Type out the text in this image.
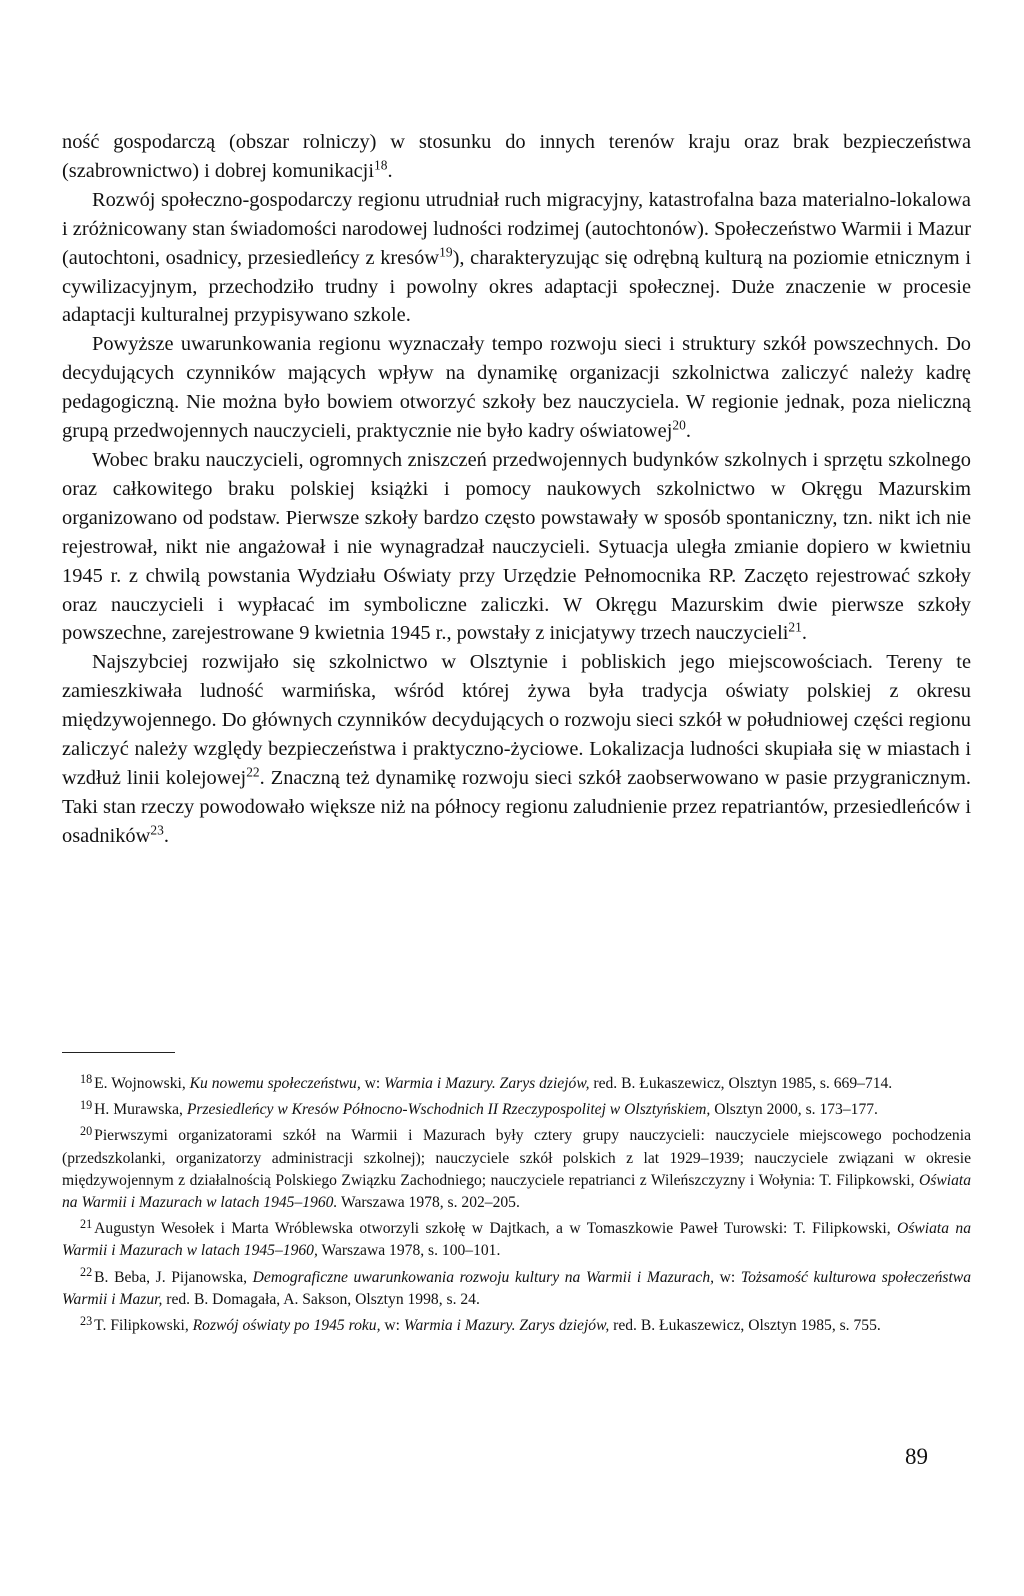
ność gospodarczą (obszar rolniczy) w stosunku do innych terenów kraju oraz brak bezpieczeństwa (szabrownictwo) i dobrej komunikacji$^{18}$.

Rozwój społeczno-gospodarczy regionu utrudniał ruch migracyjny, katastrofalna baza materialno-lokalowa i zróżnicowany stan świadomości narodowej ludności rodzimej (autochtonów). Społeczeństwo Warmii i Mazur (autochtoni, osadnicy, przesiedleńcy z kresów$^{19}$), charakteryzując się odrębną kulturą na poziomie etnicznym i cywilizacyjnym, przechodziło trudny i powolny okres adaptacji społecznej. Duże znaczenie w procesie adaptacji kulturalnej przypisywano szkole.

Powyższe uwarunkowania regionu wyznaczały tempo rozwoju sieci i struktury szkół powszechnych. Do decydujących czynników mających wpływ na dynamikę organizacji szkolnictwa zaliczyć należy kadrę pedagogiczną. Nie można było bowiem otworzyć szkoły bez nauczyciela. W regionie jednak, poza nieliczną grupą przedwojennych nauczycieli, praktycznie nie było kadry oświatowej$^{20}$.

Wobec braku nauczycieli, ogromnych zniszczeń przedwojennych budynków szkolnych i sprzętu szkolnego oraz całkowitego braku polskiej książki i pomocy naukowych szkolnictwo w Okręgu Mazurskim organizowano od podstaw. Pierwsze szkoły bardzo często powstawały w sposób spontaniczny, tzn. nikt ich nie rejestrował, nikt nie angażował i nie wynagradzał nauczycieli. Sytuacja uległa zmianie dopiero w kwietniu 1945 r. z chwilą powstania Wydziału Oświaty przy Urzędzie Pełnomocnika RP. Zaczęto rejestrować szkoły oraz nauczycieli i wypłacać im symboliczne zaliczki. W Okręgu Mazurskim dwie pierwsze szkoły powszechne, zarejestrowane 9 kwietnia 1945 r., powstały z inicjatywy trzech nauczycieli$^{21}$.

Najszybciej rozwijało się szkolnictwo w Olsztynie i pobliskich jego miejscowościach. Tereny te zamieszkiwała ludność warmińska, wśród której żywa była tradycja oświaty polskiej z okresu międzywojennego. Do głównych czynników decydujących o rozwoju sieci szkół w południowej części regionu zaliczyć należy względy bezpieczeństwa i praktyczno-życiowe. Lokalizacja ludności skupiała się w miastach i wzdłuż linii kolejowej$^{22}$. Znaczną też dynamikę rozwoju sieci szkół zaobserwowano w pasie przygranicznym. Taki stan rzeczy powodowało większe niż na północy regionu zaludnienie przez repatriantów, przesiedleńców i osadników$^{23}$.

$^{18}$ E. Wojnowski, Ku nowemu społeczeństwu, w: Warmia i Mazury. Zarys dziejów, red. B. Łukaszewicz, Olsztyn 1985, s. 669–714.

$^{19}$ H. Murawska, Przesiedleńcy w Kresów Północno-Wschodnich II Rzeczypospolitej w Olsztyńskiem, Olsztyn 2000, s. 173–177.

$^{20}$ Pierwszymi organizatorami szkół na Warmii i Mazurach były cztery grupy nauczycieli: nauczyciele miejscowego pochodzenia (przedszkolanki, organizatorzy administracji szkolnej); nauczyciele szkół polskich z lat 1929–1939; nauczyciele związani w okresie międzywojennym z działalnością Polskiego Związku Zachodniego; nauczyciele repatrianci z Wileńszczyzny i Wołynia: T. Filipkowski, Oświata na Warmii i Mazurach w latach 1945–1960. Warszawa 1978, s. 202–205.

$^{21}$ Augustyn Wesołek i Marta Wróblewska otworzyli szkołę w Dajtkach, a w Tomaszkowie Paweł Turowski: T. Filipkowski, Oświata na Warmii i Mazurach w latach 1945–1960, Warszawa 1978, s. 100–101.

$^{22}$ B. Beba, J. Pijanowska, Demograficzne uwarunkowania rozwoju kultury na Warmii i Mazurach, w: Tożsamość kulturowa społeczeństwa Warmii i Mazur, red. B. Domagała, A. Sakson, Olsztyn 1998, s. 24.

$^{23}$ T. Filipkowski, Rozwój oświaty po 1945 roku, w: Warmia i Mazury. Zarys dziejów, red. B. Łukaszewicz, Olsztyn 1985, s. 755.

89
